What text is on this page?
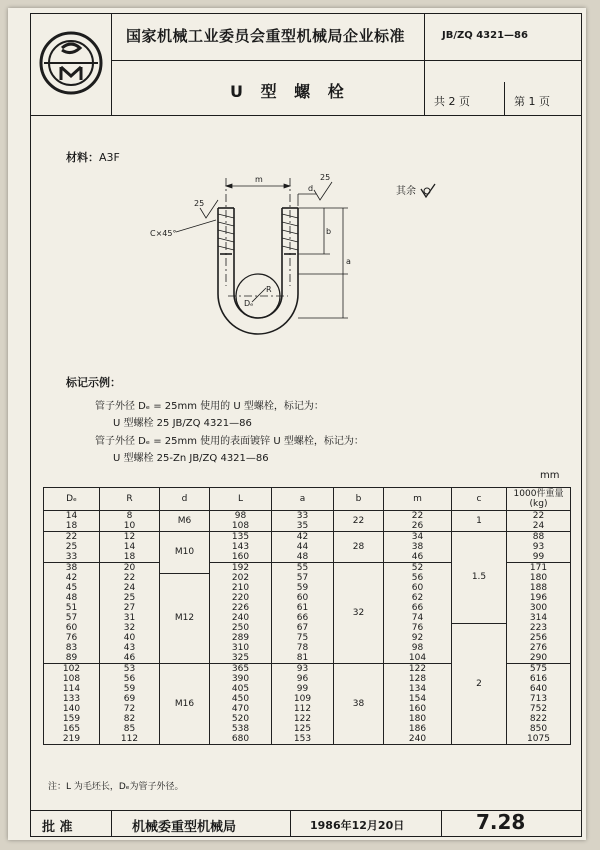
国家机械工业委员会重型机械局企业标准	JB/ZQ 4321—86
U 型 螺 栓
共 2 页	第 1 页
材料：A3F
m
d
b
a
R
Dₑ
C×45°
25
25
其余
标记示例：
管子外径 Dₑ = 25mm 使用的 U 型螺栓，标记为：
U 型螺栓 25 JB/ZQ 4321—86
管子外径 Dₑ = 25mm 使用的表面镀锌 U 型螺栓，标记为：
U 型螺栓 25-Zn JB/ZQ 4321—86
mm
Dₑ	R	d	L	a	b	m	c	1000件重量 (kg)
14	8	M6	98	33	22	22	1	22
18	10		108	35		26		24
22	12	M10	135	42	28	34	1.5	88
25	14		143	44		38		93
33	18		160	48		46		99
38	20		192	55	32	52		171
42	22	M12	202	57		56		180
45	24		210	59		60		188
48	25		220	60		62		196
51	27		226	61		66		300
57	31		240	66		74		314
60	32		250	67		76	2	223
76	40		289	75		92		256
83	43		310	78		98		276
89	46		325	81		104		290
102	53	M16	365	93	38	122		575
108	56		390	96		128		616
114	59		405	99		134		640
133	69		450	109		154		713
140	72		470	112		160		752
159	82		520	122		180		822
165	85		538	125		186		850
219	112		680	153		240		1075
注：L 为毛坯长，Dₑ为管子外径。
批 准	机械委重型机械局	1986年12月20日	7.28
